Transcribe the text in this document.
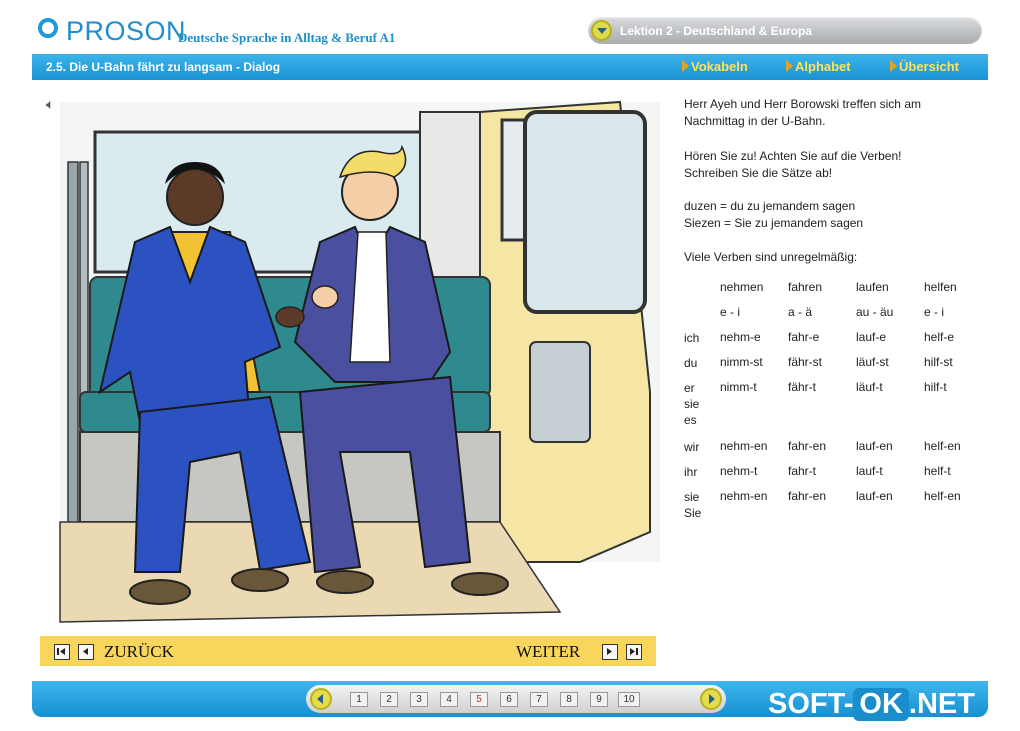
PROSON
Deutsche Sprache in Alltag & Beruf A1	Lektion 2 - Deutschland & Europa
2.5. Die U-Bahn fährt zu langsam - Dialog	Vokabeln	Alphabet	Übersicht
🔈︎	Herr Ayeh und Herr Borowski treffen sich am Nachmittag in der U-Bahn.
Hören Sie zu! Achten Sie auf die Verben!
Schreiben Sie die Sätze ab!
duzen = du zu jemandem sagen
Siezen = Sie zu jemandem sagen
Viele Verben sind unregelmäßig:
	nehmen	fahren	laufen	helfen
	e - i	a - ä	au - äu	e - i
ich	nehm-e	fahr-e	lauf-e	helf-e
du	nimm-st	fähr-st	läuf-st	hilf-st
er
sie
es	nimm-t	fähr-t	läuf-t	hilf-t
wir	nehm-en	fahr-en	lauf-en	helf-en
ihr	nehm-t	fahr-t	lauf-t	helf-t
sie
Sie	nehm-en	fahr-en	lauf-en	helf-en
ZURÜCK	WEITER
1	2	3	4	5	6	7	8	9	10	SOFT- OK .NET
